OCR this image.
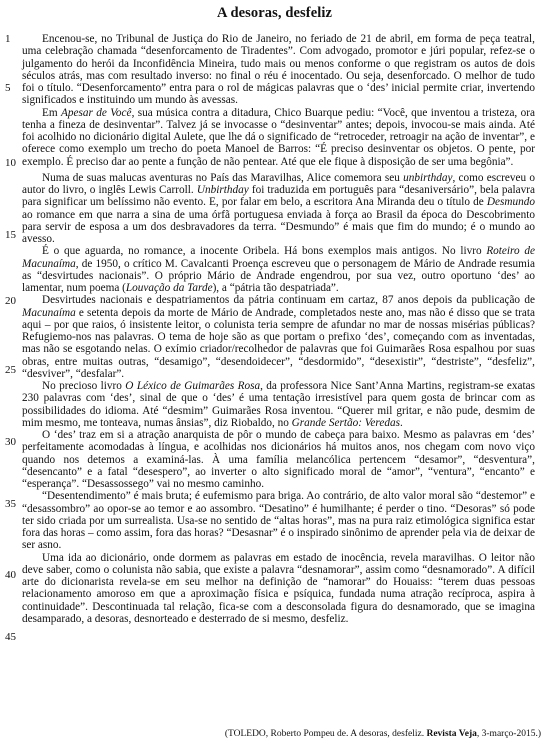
A desoras, desfeliz
1
5
10
15
20
25
30
35
40
45

Encenou-se, no Tribunal de Justiça do Rio de Janeiro, no feriado de 21 de abril, em forma de peça teatral, uma celebração chamada “desenforcamento de Tiradentes”. Com advogado, promotor e júri popular, refez-se o julgamento do herói da Inconfidência Mineira, tudo mais ou menos conforme o que registram os autos de dois séculos atrás, mas com resultado inverso: no final o réu é inocentado. Ou seja, desenforcado. O melhor de tudo foi o título. “Desenforcamento” entra para o rol de mágicas palavras que o ‘des’ inicial permite criar, invertendo significados e instituindo um mundo às avessas.

Em Apesar de Você, sua música contra a ditadura, Chico Buarque pediu: “Você, que inventou a tristeza, ora tenha a fineza de desinventar”. Talvez já se invocasse o “desinventar” antes; depois, invocou-se mais ainda. Até foi acolhido no dicionário digital Aulete, que lhe dá o significado de “retroceder, retroagir na ação de inventar”, e oferece como exemplo um trecho do poeta Manoel de Barros: “É preciso desinventar os objetos. O pente, por exemplo. É preciso dar ao pente a função de não pentear. Até que ele fique à disposição de ser uma begônia”.

Numa de suas malucas aventuras no País das Maravilhas, Alice comemora seu unbirthday, como escreveu o autor do livro, o inglês Lewis Carroll. Unbirthday foi traduzida em português para “desaniversário”, bela palavra para significar um belíssimo não evento. E, por falar em belo, a escritora Ana Miranda deu o título de Desmundo ao romance em que narra a sina de uma órfã portuguesa enviada à força ao Brasil da época do Descobrimento para servir de esposa a um dos desbravadores da terra. “Desmundo” é mais que fim do mundo; é o mundo ao avesso.

É o que aguarda, no romance, a inocente Oribela. Há bons exemplos mais antigos. No livro Roteiro de Macunaíma, de 1950, o crítico M. Cavalcanti Proença escreveu que o personagem de Mário de Andrade resumia as “desvirtudes nacionais”. O próprio Mário de Andrade engendrou, por sua vez, outro oportuno ‘des’ ao lamentar, num poema (Louvação da Tarde), a “pátria tão despatriada”.

Desvirtudes nacionais e despatriamentos da pátria continuam em cartaz, 87 anos depois da publicação de Macunaíma e setenta depois da morte de Mário de Andrade, completados neste ano, mas não é disso que se trata aqui – por que raios, ó insistente leitor, o colunista teria sempre de afundar no mar de nossas misérias públicas? Refugiemo-nos nas palavras. O tema de hoje são as que portam o prefixo ‘des’, começando com as inventadas, mas não se esgotando nelas. O exímio criador/recolhedor de palavras que foi Guimarães Rosa espalhou por suas obras, entre muitas outras, “desamigo”, “desendoidecer”, “desdormido”, “desexistir”, “destriste”, “desfeliz”, “desviver”, “desfalar”.

No precioso livro O Léxico de Guimarães Rosa, da professora Nice Sant’Anna Martins, registram-se exatas 230 palavras com ‘des’, sinal de que o ‘des’ é uma tentação irresistível para quem gosta de brincar com as possibilidades do idioma. Até “desmim” Guimarães Rosa inventou. “Querer mil gritar, e não pude, desmim de mim mesmo, me tonteava, numas ânsias”, diz Riobaldo, no Grande Sertão: Veredas.

O ‘des’ traz em si a atração anarquista de pôr o mundo de cabeça para baixo. Mesmo as palavras em ‘des’ perfeitamente acomodadas à língua, e acolhidas nos dicionários há muitos anos, nos chegam com novo viço quando nos detemos a examiná-las. À uma família melancólica pertencem “desamor”, “desventura”, “desencanto” e a fatal “desespero”, ao inverter o alto significado moral de “amor”, “ventura”, “encanto” e “esperança”. “Desassossego” vai no mesmo caminho.

“Desentendimento” é mais bruta; é eufemismo para briga. Ao contrário, de alto valor moral são “destemor” e “desassombro” ao opor-se ao temor e ao assombro. “Desatino” é humilhante; é perder o tino. “Desoras” só pode ter sido criada por um surrealista. Usa-se no sentido de “altas horas”, mas na pura raiz etimológica significa estar fora das horas – como assim, fora das horas? “Desasnar” é o inspirado sinônimo de aprender pela via de deixar de ser asno.

Uma ida ao dicionário, onde dormem as palavras em estado de inocência, revela maravilhas. O leitor não deve saber, como o colunista não sabia, que existe a palavra “desnamorar”, assim como “desnamorado”. A difícil arte do dicionarista revela-se em seu melhor na definição de “namorar” do Houaiss: “terem duas pessoas relacionamento amoroso em que a aproximação física e psíquica, fundada numa atração recíproca, aspira à continuidade”. Descontinuada tal relação, fica-se com a desconsolada figura do desnamorado, que se imagina desamparado, a desoras, desnorteado e desterrado de si mesmo, desfeliz.

(TOLEDO, Roberto Pompeu de. A desoras, desfeliz. Revista Veja, 3-março-2015.)
